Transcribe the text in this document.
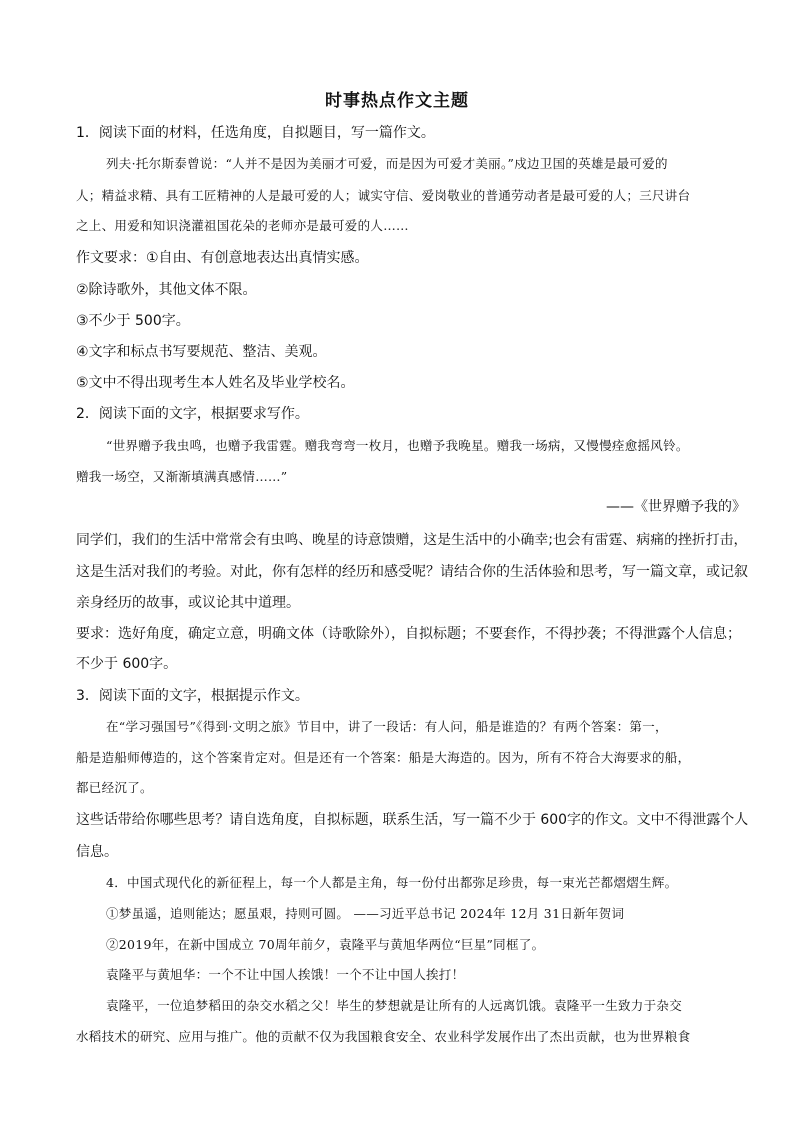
时事热点作文主题
1．阅读下面的材料，任选角度，自拟题目，写一篇作文。
列夫·托尔斯泰曾说：“人并不是因为美丽才可爱，而是因为可爱才美丽。”戍边卫国的英雄是最可爱的
人；精益求精、具有工匠精神的人是最可爱的人；诚实守信、爱岗敬业的普通劳动者是最可爱的人；三尺讲台
之上、用爱和知识浇灌祖国花朵的老师亦是最可爱的人……
作文要求：①自由、有创意地表达出真情实感。
②除诗歌外，其他文体不限。
③不少于 500字。
④文字和标点书写要规范、整洁、美观。
⑤文中不得出现考生本人姓名及毕业学校名。
2．阅读下面的文字，根据要求写作。
“世界赠予我虫鸣，也赠予我雷霆。赠我弯弯一枚月，也赠予我晚星。赠我一场病，又慢慢痊愈摇风铃。
赠我一场空，又渐渐填满真感情……”
——《世界赠予我的》
同学们，我们的生活中常常会有虫鸣、晚星的诗意馈赠，这是生活中的小确幸;也会有雷霆、病痛的挫折打击，
这是生活对我们的考验。对此，你有怎样的经历和感受呢？请结合你的生活体验和思考，写一篇文章，或记叙
亲身经历的故事，或议论其中道理。
要求：选好角度，确定立意，明确文体（诗歌除外），自拟标题；不要套作，不得抄袭；不得泄露个人信息；
不少于 600字。
3．阅读下面的文字，根据提示作文。
在“学习强国号”《得到·文明之旅》节目中，讲了一段话：有人问，船是谁造的？有两个答案：第一，
船是造船师傅造的，这个答案肯定对。但是还有一个答案：船是大海造的。因为，所有不符合大海要求的船，
都已经沉了。
这些话带给你哪些思考？请自选角度，自拟标题，联系生活，写一篇不少于 600字的作文。文中不得泄露个人
信息。
4．中国式现代化的新征程上，每一个人都是主角，每一份付出都弥足珍贵，每一束光芒都熠熠生辉。
①梦虽遥，追则能达；愿虽艰，持则可圆。 ——习近平总书记 2024年 12月 31日新年贺词
②2019年，在新中国成立 70周年前夕，袁隆平与黄旭华两位“巨星”同框了。
袁隆平与黄旭华：一个不让中国人挨饿！一个不让中国人挨打！
袁隆平，一位追梦稻田的杂交水稻之父！毕生的梦想就是让所有的人远离饥饿。袁隆平一生致力于杂交
水稻技术的研究、应用与推广。他的贡献不仅为我国粮食安全、农业科学发展作出了杰出贡献，也为世界粮食
